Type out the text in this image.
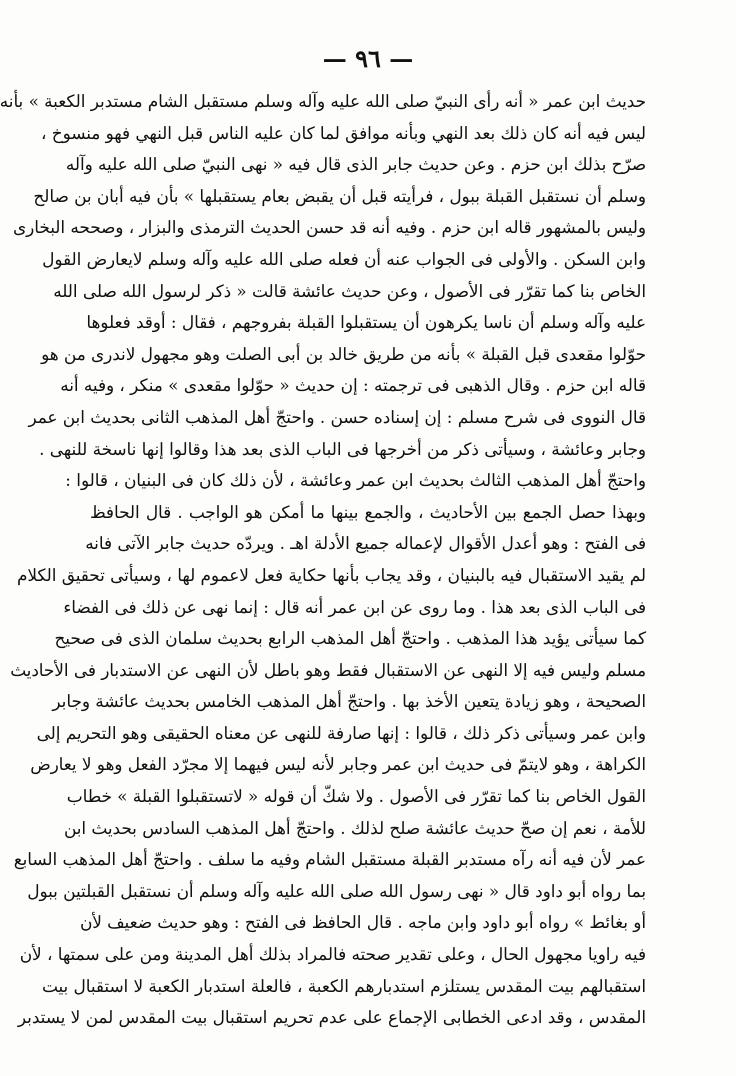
— ٩٦ —
حديث ابن عمر « أنه رأى النبيّ صلى الله عليه وآله وسلم مستقبل الشام مستدبر الكعبة » بأنه
ليس فيه أنه كان ذلك بعد النهي وبأنه موافق لما كان عليه الناس قبل النهي فهو منسوخ ،
صرّح بذلك ابن حزم . وعن حديث جابر الذى قال فيه « نهى النبيّ صلى الله عليه وآله
وسلم أن نستقبل القبلة ببول ، فرأيته قبل أن يقبض بعام يستقبلها » بأن فيه أبان بن صالح
وليس بالمشهور قاله ابن حزم . وفيه أنه قد حسن الحديث الترمذى والبزار ، وصححه البخارى
وابن السكن . والأولى فى الجواب عنه أن فعله صلى الله عليه وآله وسلم لايعارض القول
الخاص بنا كما تقرّر فى الأصول ، وعن حديث عائشة قالت « ذكر لرسول الله صلى الله
عليه وآله وسلم أن ناسا يكرهون أن يستقبلوا القبلة بفروجهم ، فقال : أوقد فعلوها
حوّلوا مقعدى قبل القبلة » بأنه من طريق خالد بن أبى الصلت وهو مجهول لاندرى من هو
قاله ابن حزم . وقال الذهبى فى ترجمته : إن حديث « حوّلوا مقعدى » منكر ، وفيه أنه
قال النووى فى شرح مسلم : إن إسناده حسن . واحتجّ أهل المذهب الثانى بحديث ابن عمر
وجابر وعائشة ، وسيأتى ذكر من أخرجها فى الباب الذى بعد هذا وقالوا إنها ناسخة للنهى .
واحتجّ أهل المذهب الثالث بحديث ابن عمر وعائشة ، لأن ذلك كان فى البنيان ، قالوا :
وبهذا حصل الجمع بين الأحاديث ، والجمع بينها ما أمكن هو الواجب . قال الحافظ
فى الفتح : وهو أعدل الأقوال لإعماله جميع الأدلة اهـ . ويردّه حديث جابر الآتى فانه
لم يقيد الاستقبال فيه بالبنيان ، وقد يجاب بأنها حكاية فعل لاعموم لها ، وسيأتى تحقيق الكلام
فى الباب الذى بعد هذا . وما روى عن ابن عمر أنه قال : إنما نهى عن ذلك فى الفضاء
كما سيأتى يؤيد هذا المذهب . واحتجّ أهل المذهب الرابع بحديث سلمان الذى فى صحيح
مسلم وليس فيه إلا النهى عن الاستقبال فقط وهو باطل لأن النهى عن الاستدبار فى الأحاديث
الصحيحة ، وهو زيادة يتعين الأخذ بها . واحتجّ أهل المذهب الخامس بحديث عائشة وجابر
وابن عمر وسيأتى ذكر ذلك ، قالوا : إنها صارفة للنهى عن معناه الحقيقى وهو التحريم إلى
الكراهة ، وهو لايتمّ فى حديث ابن عمر وجابر لأنه ليس فيهما إلا مجرّد الفعل وهو لا يعارض
القول الخاص بنا كما تقرّر فى الأصول . ولا شكّ أن قوله « لاتستقبلوا القبلة » خطاب
للأمة ، نعم إن صحّ حديث عائشة صلح لذلك . واحتجّ أهل المذهب السادس بحديث ابن
عمر لأن فيه أنه رآه مستدبر القبلة مستقبل الشام وفيه ما سلف . واحتجّ أهل المذهب السابع
بما رواه أبو داود قال « نهى رسول الله صلى الله عليه وآله وسلم أن نستقبل القبلتين ببول
أو بغائط » رواه أبو داود وابن ماجه . قال الحافظ فى الفتح : وهو حديث ضعيف لأن
فيه راويا مجهول الحال ، وعلى تقدير صحته فالمراد بذلك أهل المدينة ومن على سمتها ، لأن
استقبالهم بيت المقدس يستلزم استدبارهم الكعبة ، فالعلة استدبار الكعبة لا استقبال بيت
المقدس ، وقد ادعى الخطابى الإجماع على عدم تحريم استقبال بيت المقدس لمن لا يستدبر
